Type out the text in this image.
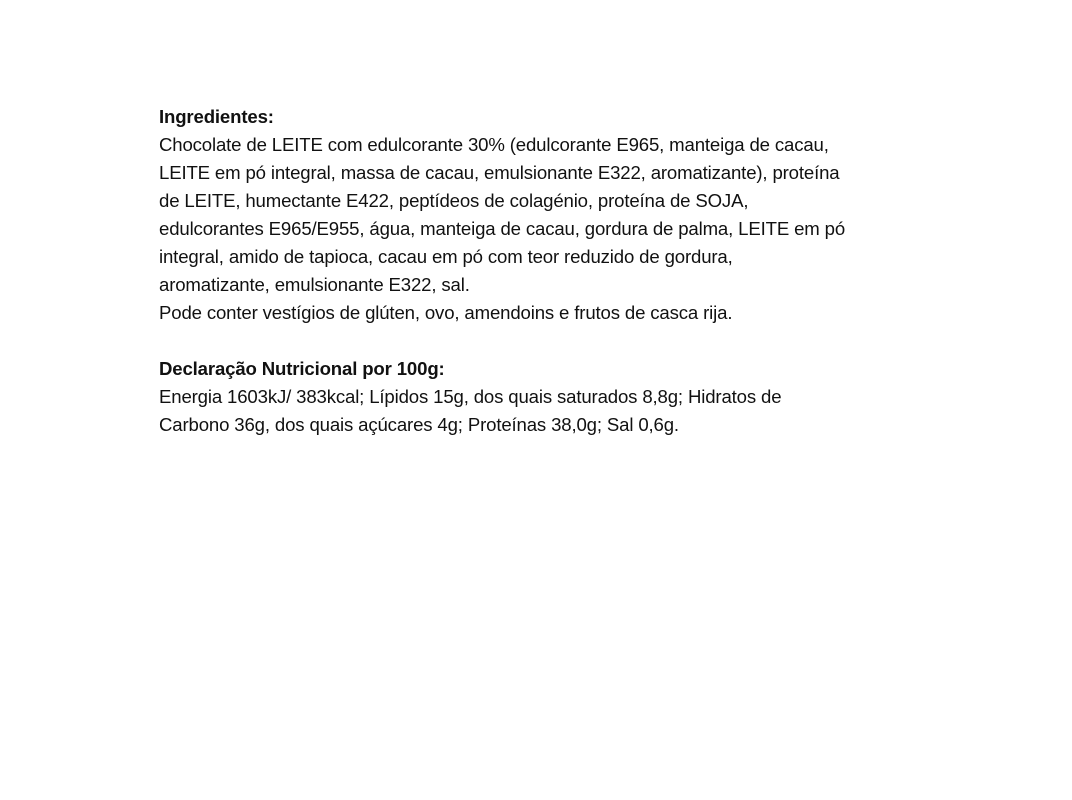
Ingredientes:
Chocolate de LEITE com edulcorante 30% (edulcorante E965, manteiga de cacau,
LEITE em pó integral, massa de cacau, emulsionante E322, aromatizante), proteína
de LEITE, humectante E422, peptídeos de colagénio, proteína de SOJA,
edulcorantes E965/E955, água, manteiga de cacau, gordura de palma, LEITE em pó
integral, amido de tapioca, cacau em pó com teor reduzido de gordura,
aromatizante, emulsionante E322, sal.
Pode conter vestígios de glúten, ovo, amendoins e frutos de casca rija.
Declaração Nutricional por 100g:
Energia 1603kJ/ 383kcal; Lípidos 15g, dos quais saturados 8,8g; Hidratos de
Carbono 36g, dos quais açúcares 4g; Proteínas 38,0g; Sal 0,6g.
